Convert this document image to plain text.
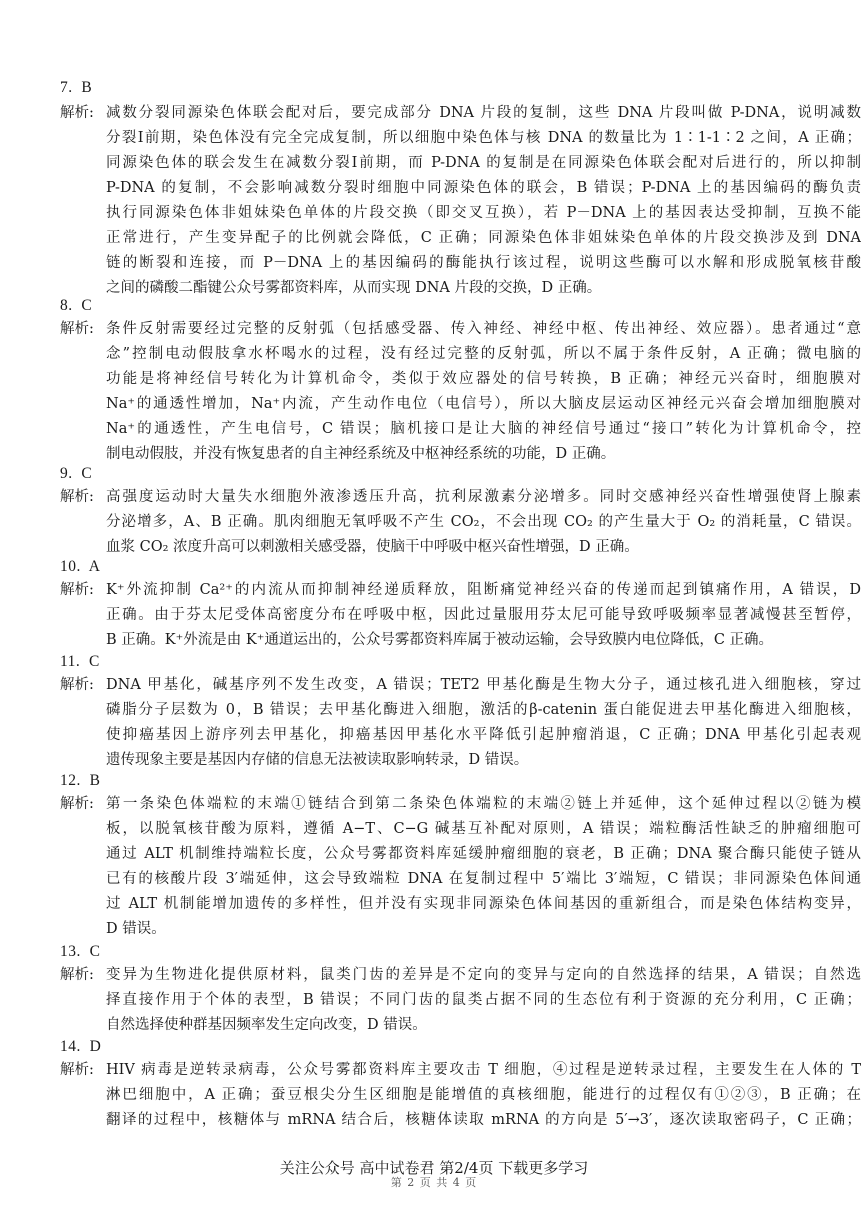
7.  B
解析: 减数分裂同源染色体联会配对后，要完成部分 DNA 片段的复制，这些 DNA 片段叫做 P-DNA，说明减数
分裂Ⅰ前期，染色体没有完全完成复制，所以细胞中染色体与核 DNA 的数量比为 1∶1-1∶2 之间，A 正确；
同源染色体的联会发生在减数分裂Ⅰ前期，而 P-DNA 的复制是在同源染色体联会配对后进行的，所以抑制
P-DNA 的复制，不会影响减数分裂时细胞中同源染色体的联会，B 错误；P-DNA 上的基因编码的酶负责
执行同源染色体非姐妹染色单体的片段交换（即交叉互换），若 P－DNA 上的基因表达受抑制，互换不能
正常进行，产生变异配子的比例就会降低，C 正确；同源染色体非姐妹染色单体的片段交换涉及到 DNA
链的断裂和连接，而 P－DNA 上的基因编码的酶能执行该过程，说明这些酶可以水解和形成脱氧核苷酸
之间的磷酸二酯键公众号雾都资料库，从而实现 DNA 片段的交换，D 正确。
8.  C
解析: 条件反射需要经过完整的反射弧（包括感受器、传入神经、神经中枢、传出神经、效应器）。患者通过“意
念”控制电动假肢拿水杯喝水的过程，没有经过完整的反射弧，所以不属于条件反射，A 正确；微电脑的
功能是将神经信号转化为计算机命令，类似于效应器处的信号转换，B 正确；神经元兴奋时，细胞膜对
Na⁺的通透性增加，Na⁺内流，产生动作电位（电信号），所以大脑皮层运动区神经元兴奋会增加细胞膜对
Na⁺的通透性，产生电信号，C 错误；脑机接口是让大脑的神经信号通过“接口”转化为计算机命令，控
制电动假肢，并没有恢复患者的自主神经系统及中枢神经系统的功能，D 正确。
9.  C
解析: 高强度运动时大量失水细胞外液渗透压升高，抗利尿激素分泌增多。同时交感神经兴奋性增强使肾上腺素
分泌增多，A、B 正确。肌肉细胞无氧呼吸不产生 CO₂，不会出现 CO₂ 的产生量大于 O₂ 的消耗量，C 错误。
血浆 CO₂ 浓度升高可以刺激相关感受器，使脑干中呼吸中枢兴奋性增强，D 正确。
10.  A
解析: K⁺外流抑制 Ca²⁺的内流从而抑制神经递质释放，阻断痛觉神经兴奋的传递而起到镇痛作用，A 错误，D
正确。由于芬太尼受体高密度分布在呼吸中枢，因此过量服用芬太尼可能导致呼吸频率显著减慢甚至暂停，
B 正确。K⁺外流是由 K⁺通道运出的，公众号雾都资料库属于被动运输，会导致膜内电位降低，C 正确。
11.  C
解析: DNA 甲基化，碱基序列不发生改变，A 错误；TET2 甲基化酶是生物大分子，通过核孔进入细胞核，穿过
磷脂分子层数为 0，B 错误；去甲基化酶进入细胞，激活的β-catenin 蛋白能促进去甲基化酶进入细胞核，
使抑癌基因上游序列去甲基化，抑癌基因甲基化水平降低引起肿瘤消退，C 正确；DNA 甲基化引起表观
遗传现象主要是基因内存储的信息无法被读取影响转录，D 错误。
12.  B
解析: 第一条染色体端粒的末端①链结合到第二条染色体端粒的末端②链上并延伸，这个延伸过程以②链为模
板，以脱氧核苷酸为原料，遵循 A−T、C−G 碱基互补配对原则，A 错误；端粒酶活性缺乏的肿瘤细胞可
通过 ALT 机制维持端粒长度，公众号雾都资料库延缓肿瘤细胞的衰老，B 正确；DNA 聚合酶只能使子链从
已有的核酸片段 3′端延伸，这会导致端粒 DNA 在复制过程中 5′端比 3′端短，C 错误；非同源染色体间通
过 ALT 机制能增加遗传的多样性，但并没有实现非同源染色体间基因的重新组合，而是染色体结构变异，
D 错误。
13.  C
解析: 变异为生物进化提供原材料，鼠类门齿的差异是不定向的变异与定向的自然选择的结果，A 错误；自然选
择直接作用于个体的表型，B 错误；不同门齿的鼠类占据不同的生态位有利于资源的充分利用，C 正确；
自然选择使种群基因频率发生定向改变，D 错误。
14.  D
解析: HIV 病毒是逆转录病毒，公众号雾都资料库主要攻击 T 细胞，④过程是逆转录过程，主要发生在人体的 T
淋巴细胞中，A 正确；蚕豆根尖分生区细胞是能增值的真核细胞，能进行的过程仅有①②③，B 正确；在
翻译的过程中，核糖体与 mRNA 结合后，核糖体读取 mRNA 的方向是 5′→3′，逐次读取密码子，C 正确；
关注公众号 高中试卷君 第2/4页 下载更多学习
第 2 页 共 4 页
